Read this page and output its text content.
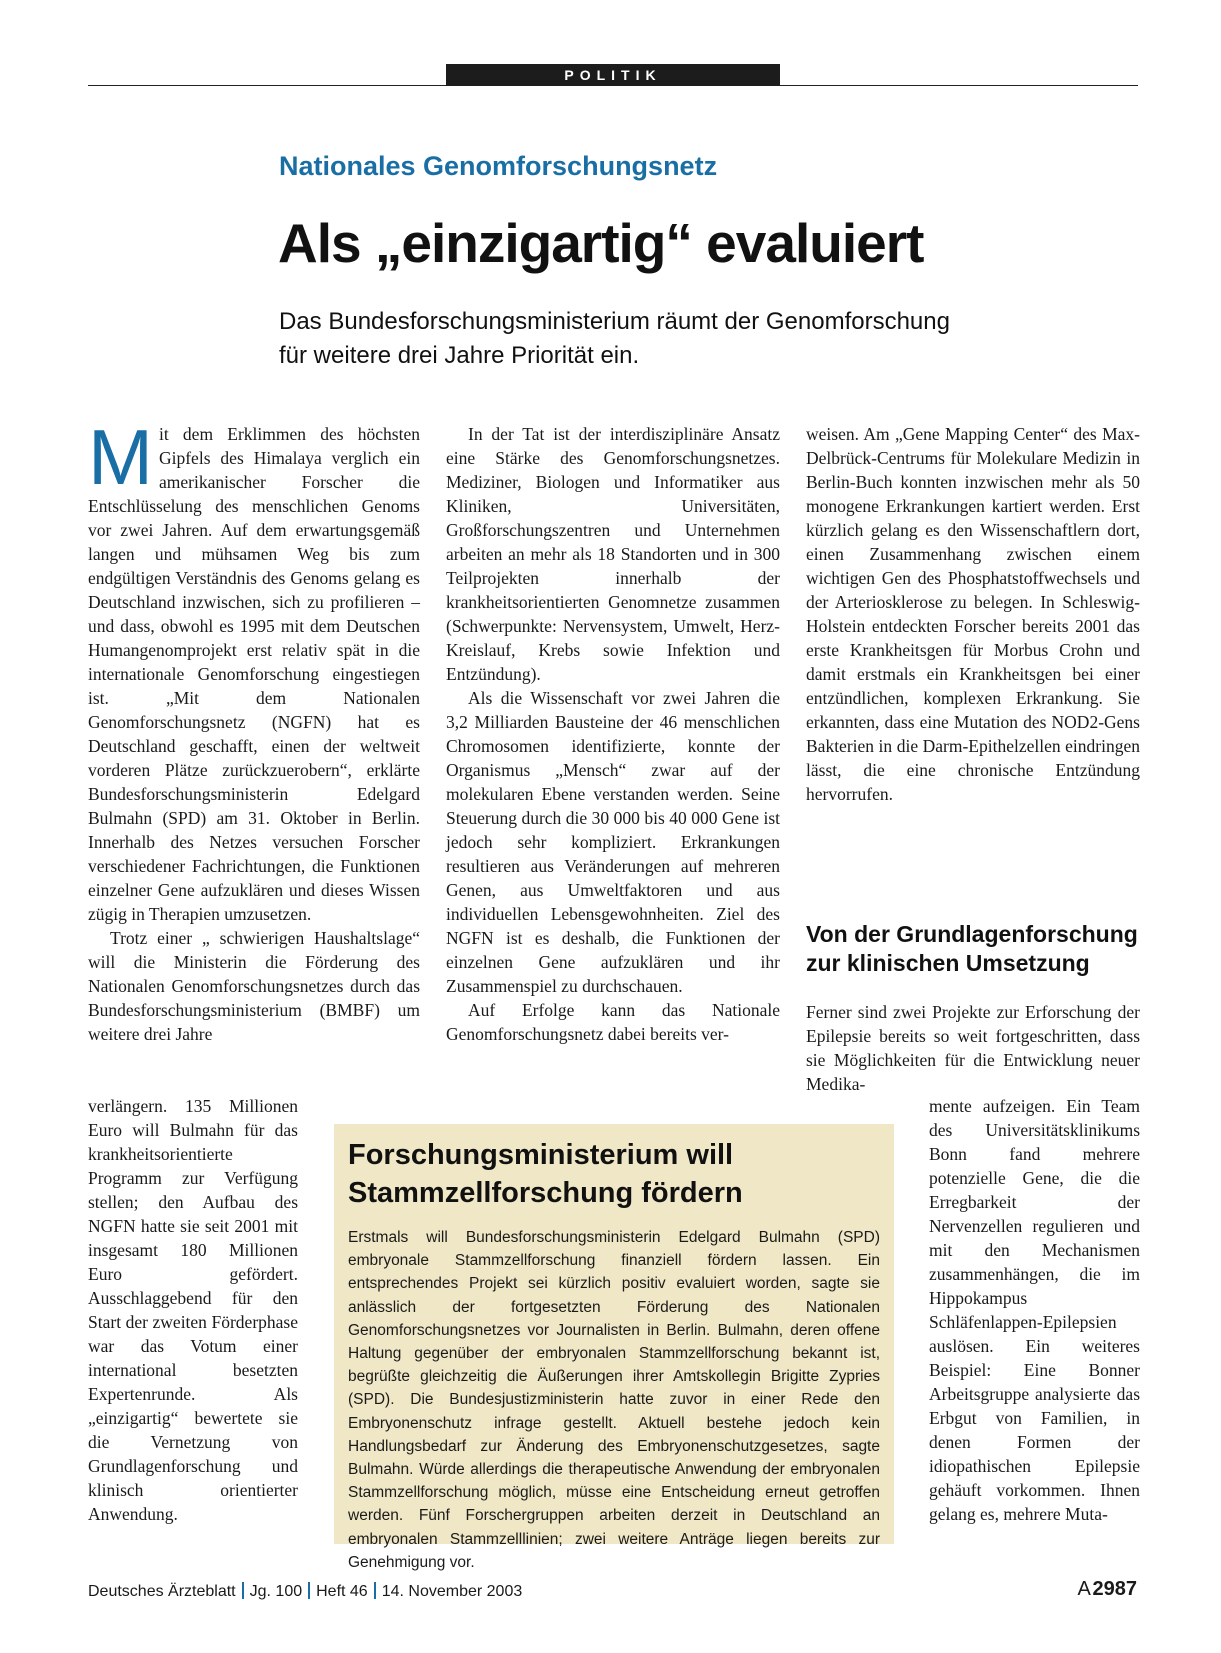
POLITIK
Nationales Genomforschungsnetz
Als „einzigartig“ evaluiert
Das Bundesforschungsministerium räumt der Genomforschung für weitere drei Jahre Priorität ein.
M it dem Erklimmen des höchsten Gipfels des Himalaya verglich ein amerikanischer Forscher die Entschlüsselung des menschlichen Genoms vor zwei Jahren. Auf dem erwartungsgemäß langen und mühsamen Weg bis zum endgültigen Verständnis des Genoms gelang es Deutschland inzwischen, sich zu profilieren – und dass, obwohl es 1995 mit dem Deutschen Humangenomprojekt erst relativ spät in die internationale Genomforschung eingestiegen ist. „Mit dem Nationalen Genomforschungsnetz (NGFN) hat es Deutschland geschafft, einen der weltweit vorderen Plätze zurückzuerobern“, erklärte Bundesforschungsministerin Edelgard Bulmahn (SPD) am 31. Oktober in Berlin. Innerhalb des Netzes versuchen Forscher verschiedener Fachrichtungen, die Funktionen einzelner Gene aufzuklären und dieses Wissen zügig in Therapien umzusetzen.

Trotz einer „ schwierigen Haushaltslage“ will die Ministerin die Förderung des Nationalen Genomforschungsnetzes durch das Bundesforschungsministerium (BMBF) um weitere drei Jahre

verlängern. 135 Millionen Euro will Bulmahn für das krankheitsorientierte Programm zur Verfügung stellen; den Aufbau des NGFN hatte sie seit 2001 mit insgesamt 180 Millionen Euro gefördert. Ausschlaggebend für den Start der zweiten Förderphase war das Votum einer international besetzten Expertenrunde. Als „einzigartig“ bewertete sie die Vernetzung von Grundlagenforschung und klinisch orientierter Anwendung.

In der Tat ist der interdisziplinäre Ansatz eine Stärke des Genomforschungsnetzes. Mediziner, Biologen und Informatiker aus Kliniken, Universitäten, Großforschungszentren und Unternehmen arbeiten an mehr als 18 Standorten und in 300 Teilprojekten innerhalb der krankheitsorientierten Genomnetze zusammen (Schwerpunkte: Nervensystem, Umwelt, Herz-Kreislauf, Krebs sowie Infektion und Entzündung).

Als die Wissenschaft vor zwei Jahren die 3,2 Milliarden Bausteine der 46 menschlichen Chromosomen identifizierte, konnte der Organismus „Mensch“ zwar auf der molekularen Ebene verstanden werden. Seine Steuerung durch die 30 000 bis 40 000 Gene ist jedoch sehr kompliziert. Erkrankungen resultieren aus Veränderungen auf mehreren Genen, aus Umweltfaktoren und aus individuellen Lebensgewohnheiten. Ziel des NGFN ist es deshalb, die Funktionen der einzelnen Gene aufzuklären und ihr Zusammenspiel zu durchschauen.

Auf Erfolge kann das Nationale Genomforschungsnetz dabei bereits ver-

weisen. Am „Gene Mapping Center“ des Max-Delbrück-Centrums für Molekulare Medizin in Berlin-Buch konnten inzwischen mehr als 50 monogene Erkrankungen kartiert werden. Erst kürzlich gelang es den Wissenschaftlern dort, einen Zusammenhang zwischen einem wichtigen Gen des Phosphatstoffwechsels und der Arteriosklerose zu belegen. In Schleswig-Holstein entdeckten Forscher bereits 2001 das erste Krankheitsgen für Morbus Crohn und damit erstmals ein Krankheitsgen bei einer entzündlichen, komplexen Erkrankung. Sie erkannten, dass eine Mutation des NOD2-Gens Bakterien in die Darm-Epithelzellen eindringen lässt, die eine chronische Entzündung hervorrufen.

Von der Grundlagenforschung zur klinischen Umsetzung

Ferner sind zwei Projekte zur Erforschung der Epilepsie bereits so weit fortgeschritten, dass sie Möglichkeiten für die Entwicklung neuer Medika-

mente aufzeigen. Ein Team des Universitätsklinikums Bonn fand mehrere potenzielle Gene, die die Erregbarkeit der Nervenzellen regulieren und mit den Mechanismen zusammenhängen, die im Hippokampus Schläfenlappen-Epilepsien auslösen. Ein weiteres Beispiel: Eine Bonner Arbeitsgruppe analysierte das Erbgut von Familien, in denen Formen der idiopathischen Epilepsie gehäuft vorkommen. Ihnen gelang es, mehrere Muta-

Forschungsministerium will Stammzellforschung fördern
Erstmals will Bundesforschungsministerin Edelgard Bulmahn (SPD) embryonale Stammzellforschung finanziell fördern lassen. Ein entsprechendes Projekt sei kürzlich positiv evaluiert worden, sagte sie anlässlich der fortgesetzten Förderung des Nationalen Genomforschungsnetzes vor Journalisten in Berlin. Bulmahn, deren offene Haltung gegenüber der embryonalen Stammzellforschung bekannt ist, begrüßte gleichzeitig die Äußerungen ihrer Amtskollegin Brigitte Zypries (SPD). Die Bundesjustizministerin hatte zuvor in einer Rede den Embryonenschutz infrage gestellt. Aktuell bestehe jedoch kein Handlungsbedarf zur Änderung des Embryonenschutzgesetzes, sagte Bulmahn. Würde allerdings die therapeutische Anwendung der embryonalen Stammzellforschung möglich, müsse eine Entscheidung erneut getroffen werden. Fünf Forschergruppen arbeiten derzeit in Deutschland an embryonalen Stammzelllinien; zwei weitere Anträge liegen bereits zur Genehmigung vor.
Deutsches Ärzteblatt Jg. 100 Heft 46 14. November 2003	A 2987
